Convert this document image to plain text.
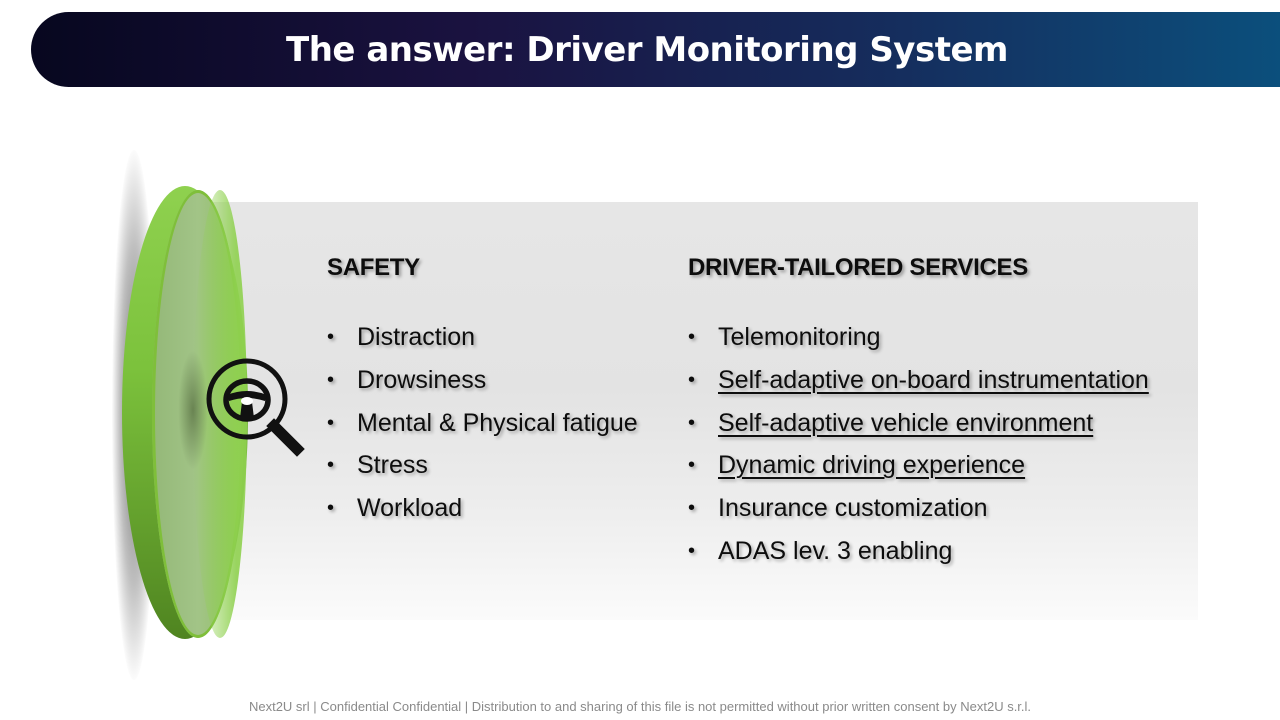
The answer: Driver Monitoring System
SAFETY
• Distraction
• Drowsiness
• Mental & Physical fatigue
• Stress
• Workload
DRIVER-TAILORED SERVICES
• Telemonitoring
• Self-adaptive on-board instrumentation
• Self-adaptive vehicle environment
• Dynamic driving experience
• Insurance customization
• ADAS lev. 3 enabling
Next2U srl | Confidential Confidential | Distribution to and sharing of this file is not permitted without prior written consent by Next2U s.r.l.
